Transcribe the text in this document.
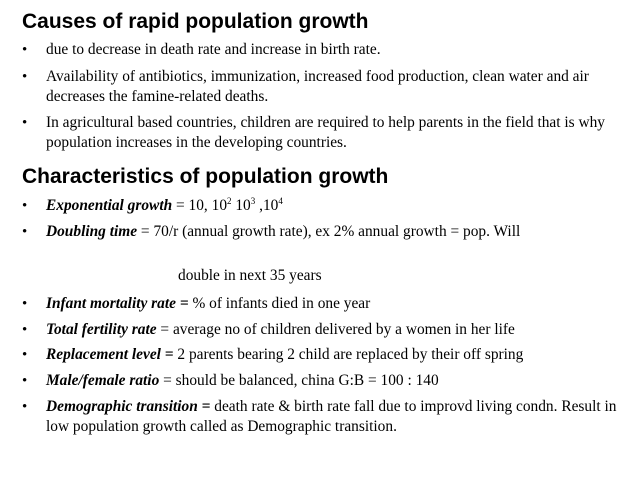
Causes of rapid population growth
• due to decrease in death rate and increase in birth rate.
• Availability of antibiotics, immunization, increased food production, clean water and air decreases the famine-related deaths.
• In agricultural based countries, children are required to help parents in the field that is why population increases in the developing countries.
Characteristics of population growth
• Exponential growth = 10, $10^2$ $10^3$ $,10^4$
• Doubling time = 70/r (annual growth rate), ex 2% annual growth = pop. Will
double in next 35 years
• Infant mortality rate = % of infants died in one year
• Total fertility rate = average no of children delivered by a women in her life
• Replacement level = 2 parents bearing 2 child are replaced by their off spring
• Male/female ratio = should be balanced, china G:B = 100 : 140
• Demographic transition = death rate & birth rate fall due to improvd living condn. Result in low population growth called as Demographic transition.
